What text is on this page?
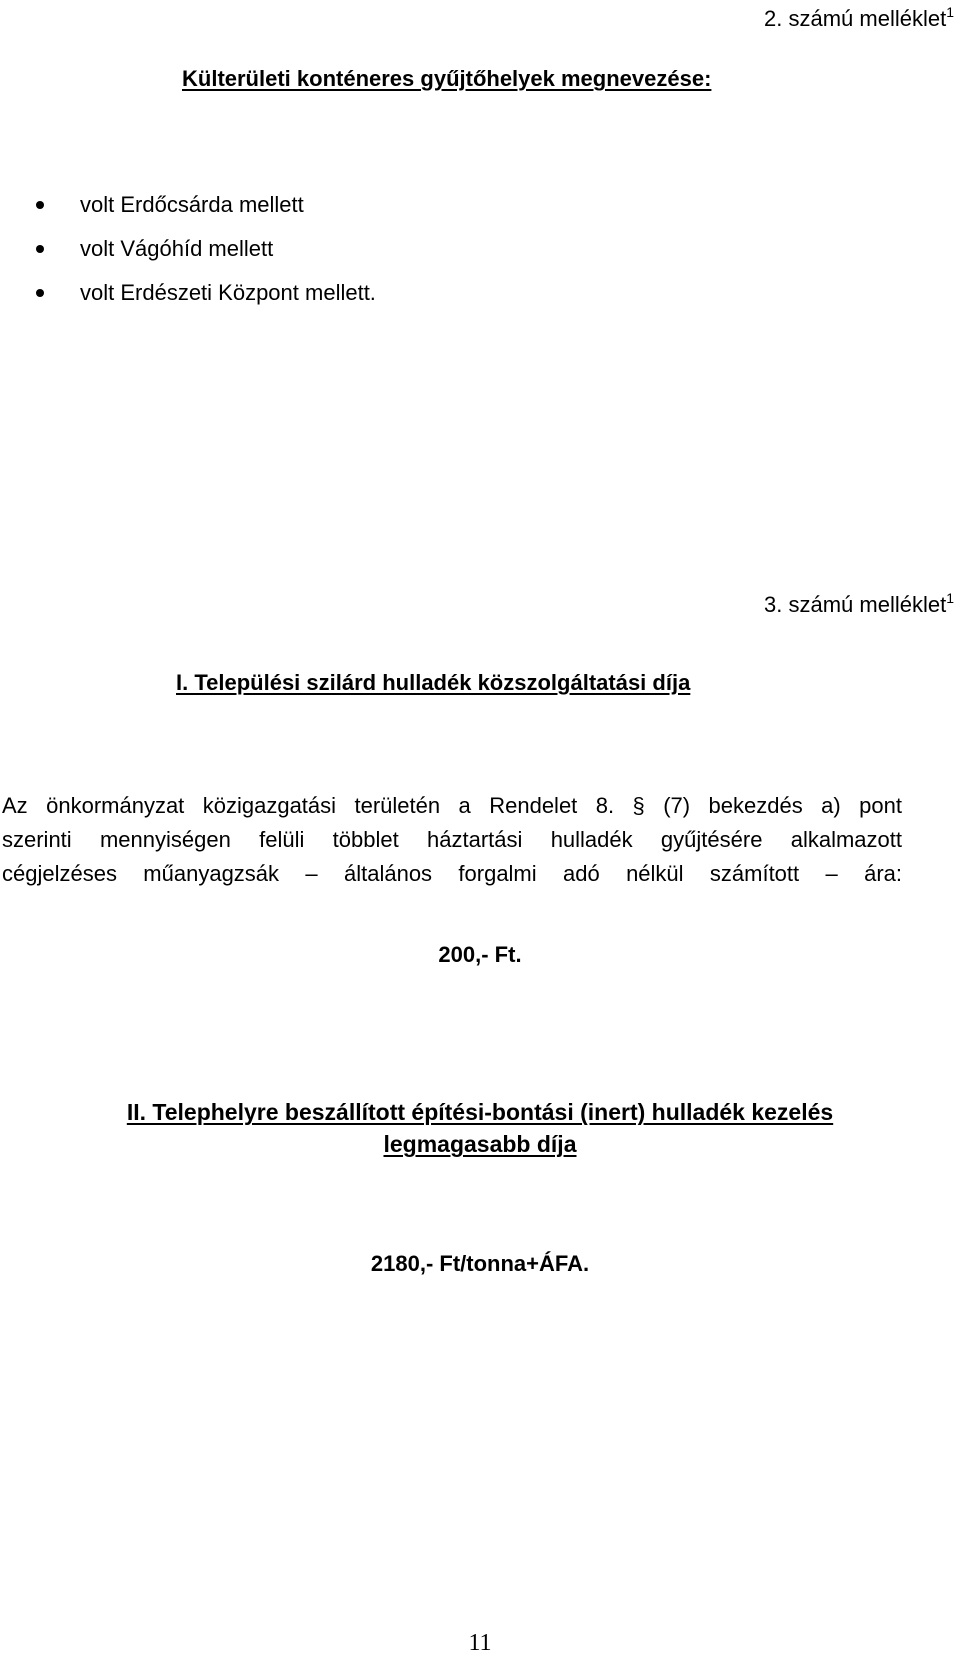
2. számú melléklet$^1$
Külterületi konténeres gyűjtőhelyek megnevezése:
volt Erdőcsárda mellett
volt Vágóhíd mellett
volt Erdészeti Központ mellett.
3. számú melléklet$^1$
I. Települési szilárd hulladék közszolgáltatási díja
Az önkormányzat közigazgatási területén a Rendelet 8. § (7) bekezdés a) pont
szerinti mennyiségen felüli többlet háztartási hulladék gyűjtésére alkalmazott
cégjelzéses műanyagzsák – általános forgalmi adó nélkül számított – ára:
200,- Ft.
II. Telephelyre beszállított építési-bontási (inert) hulladék kezelés
legmagasabb díja
2180,- Ft/tonna+ÁFA.
11
